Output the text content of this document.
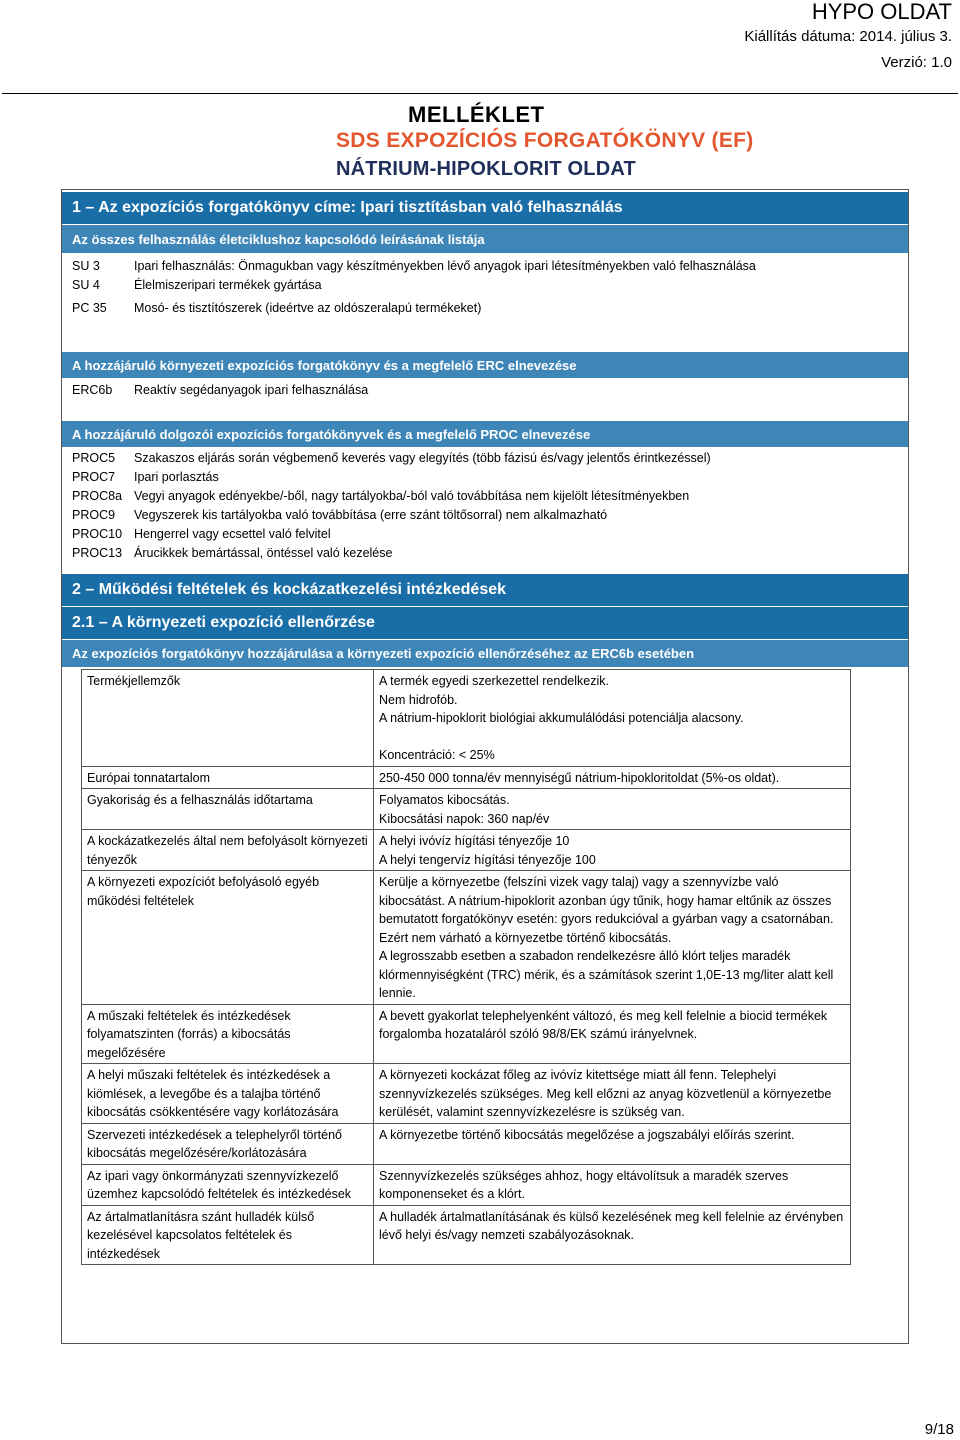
HYPO OLDAT
Kiállítás dátuma: 2014. július 3.
Verzió: 1.0
MELLÉKLET
SDS EXPOZÍCIÓS FORGATÓKÖNYV (EF)
NÁTRIUM-HIPOKLORIT OLDAT
1 – Az expozíciós forgatókönyv címe: Ipari tisztításban való felhasználás
Az összes felhasználás életciklushoz kapcsolódó leírásának listája
SU 3	Ipari felhasználás: Önmagukban vagy készítményekben lévő anyagok ipari létesítményekben való felhasználása
SU 4	Élelmiszeripari termékek gyártása
PC 35	Mosó- és tisztítószerek (ideértve az oldószeralapú termékeket)
A hozzájáruló környezeti expozíciós forgatókönyv és a megfelelő ERC elnevezése
ERC6b	Reaktív segédanyagok ipari felhasználása
A hozzájáruló dolgozói expozíciós forgatókönyvek és a megfelelő PROC elnevezése
PROC5	Szakaszos eljárás során végbemenő keverés vagy elegyítés (több fázisú és/vagy jelentős érintkezéssel)
PROC7	Ipari porlasztás
PROC8a Vegyi anyagok edényekbe/-ből, nagy tartályokba/-ból való továbbítása nem kijelölt létesítményekben
PROC9	Vegyszerek kis tartályokba való továbbítása (erre szánt töltősorral) nem alkalmazható
PROC10 Hengerrel vagy ecsettel való felvitel
PROC13 Árucikkek bemártással, öntéssel való kezelése
2 – Működési feltételek és kockázatkezelési intézkedések
2.1 – A környezeti expozíció ellenőrzése
Az expozíciós forgatókönyv hozzájárulása a környezeti expozíció ellenőrzéséhez az ERC6b esetében
Termékjellemzők	A termék egyedi szerkezettel rendelkezik.
Nem hidrofób.
A nátrium-hipoklorit biológiai akkumulálódási potenciálja alacsony.

Koncentráció: < 25%

Európai tonnatartalom	250-450 000 tonna/év mennyiségű nátrium-hipokloritoldat (5%-os oldat).

Gyakoriság és a felhasználás időtartama	Folyamatos kibocsátás.
Kibocsátási napok: 360 nap/év

A kockázatkezelés által nem befolyásolt környezeti tényezők	A helyi ivóvíz hígítási tényezője 10
A helyi tengervíz hígítási tényezője 100

A környezeti expozíciót befolyásoló egyéb működési feltételek	Kerülje a környezetbe (felszíni vizek vagy talaj) vagy a szennyvízbe való kibocsátást. A nátrium-hipoklorit azonban úgy tűnik, hogy hamar eltűnik az összes bemutatott forgatókönyv esetén: gyors redukcióval a gyárban vagy a csatornában. Ezért nem várható a környezetbe történő kibocsátás.
A legrosszabb esetben a szabadon rendelkezésre álló klórt teljes maradék klórmennyiségként (TRC) mérik, és a számítások szerint 1,0E-13 mg/liter alatt kell lennie.

A műszaki feltételek és intézkedések folyamatszinten (forrás) a kibocsátás megelőzésére	A bevett gyakorlat telephelyenként változó, és meg kell felelnie a biocid termékek forgalomba hozataláról szóló 98/8/EK számú irányelvnek.

A helyi műszaki feltételek és intézkedések a kiömlések, a levegőbe és a talajba történő kibocsátás csökkentésére vagy korlátozására	A környezeti kockázat főleg az ivóvíz kitettsége miatt áll fenn. Telephelyi szennyvízkezelés szükséges. Meg kell előzni az anyag közvetlenül a környezetbe kerülését, valamint szennyvízkezelésre is szükség van.

Szervezeti intézkedések a telephelyről történő kibocsátás megelőzésére/korlátozására	A környezetbe történő kibocsátás megelőzése a jogszabályi előírás szerint.

Az ipari vagy önkormányzati szennyvízkezelő üzemhez kapcsolódó feltételek és intézkedések	Szennyvízkezelés szükséges ahhoz, hogy eltávolítsuk a maradék szerves komponenseket és a klórt.

Az ártalmatlanításra szánt hulladék külső kezelésével kapcsolatos feltételek és intézkedések	A hulladék ártalmatlanításának és külső kezelésének meg kell felelnie az érvényben lévő helyi és/vagy nemzeti szabályozásoknak.
9/18
